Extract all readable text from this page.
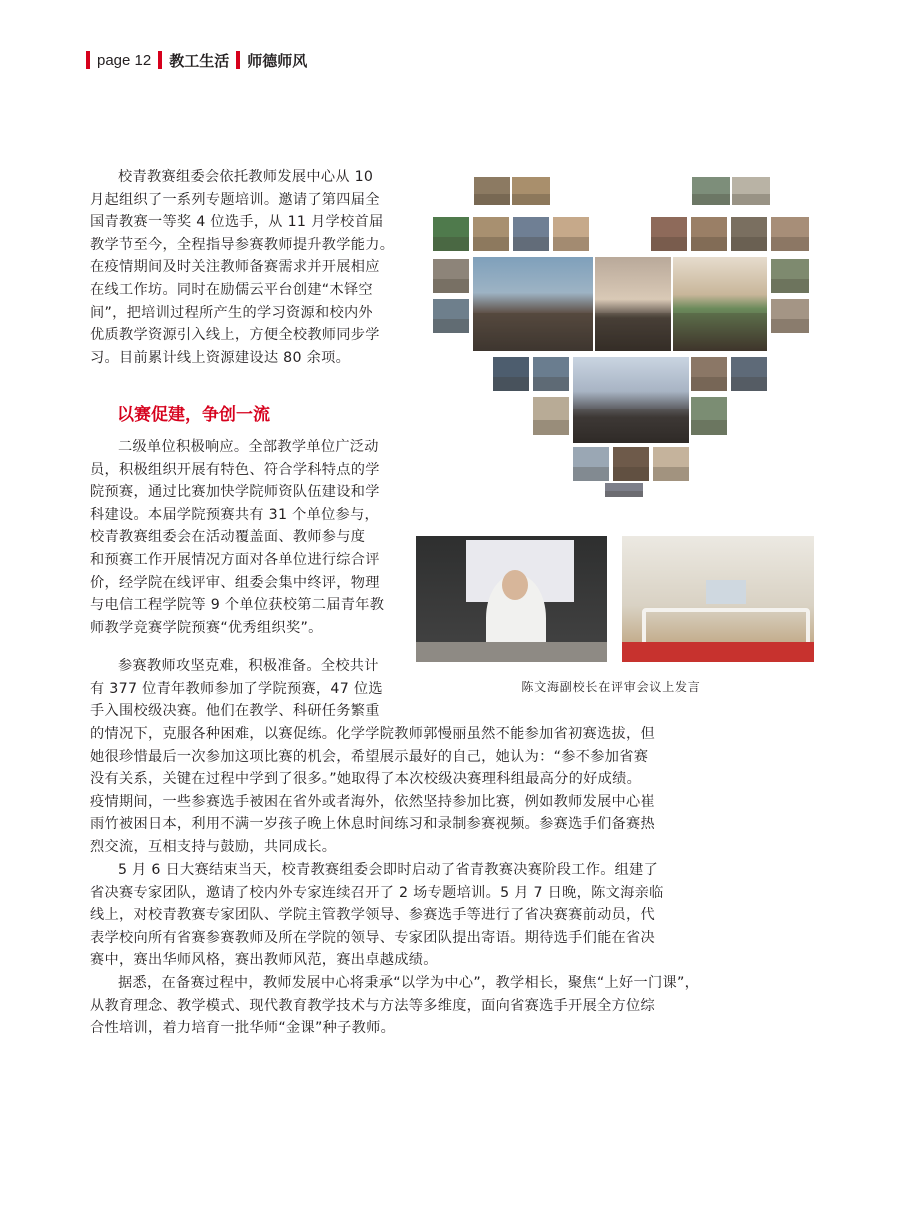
page 12 教工生活 师德师风
校青教赛组委会依托教师发展中心从 10
月起组织了一系列专题培训。邀请了第四届全
国青教赛一等奖 4 位选手，从 11 月学校首届
教学节至今，全程指导参赛教师提升教学能力。
在疫情期间及时关注教师备赛需求并开展相应
在线工作坊。同时在励儒云平台创建“木铎空
间”，把培训过程所产生的学习资源和校内外
优质教学资源引入线上，方便全校教师同步学
习。目前累计线上资源建设达 80 余项。
以赛促建，争创一流
二级单位积极响应。全部教学单位广泛动
员，积极组织开展有特色、符合学科特点的学
院预赛，通过比赛加快学院师资队伍建设和学
科建设。本届学院预赛共有 31 个单位参与，
校青教赛组委会在活动覆盖面、教师参与度
和预赛工作开展情况方面对各单位进行综合评
价，经学院在线评审、组委会集中终评，物理
与电信工程学院等 9 个单位获校第二届青年教
师教学竞赛学院预赛“优秀组织奖”。
参赛教师攻坚克难，积极准备。全校共计
有 377 位青年教师参加了学院预赛，47 位选
手入围校级决赛。他们在教学、科研任务繁重
的情况下，克服各种困难，以赛促练。化学学院教师郭慢丽虽然不能参加省初赛选拔，但
她很珍惜最后一次参加这项比赛的机会，希望展示最好的自己，她认为：“参不参加省赛
没有关系，关键在过程中学到了很多。”她取得了本次校级决赛理科组最高分的好成绩。
疫情期间，一些参赛选手被困在省外或者海外，依然坚持参加比赛，例如教师发展中心崔
雨竹被困日本，利用不满一岁孩子晚上休息时间练习和录制参赛视频。参赛选手们备赛热
烈交流，互相支持与鼓励，共同成长。
5 月 6 日大赛结束当天，校青教赛组委会即时启动了省青教赛决赛阶段工作。组建了
省决赛专家团队，邀请了校内外专家连续召开了 2 场专题培训。5 月 7 日晚，陈文海亲临
线上，对校青教赛专家团队、学院主管教学领导、参赛选手等进行了省决赛赛前动员，代
表学校向所有省赛参赛教师及所在学院的领导、专家团队提出寄语。期待选手们能在省决
赛中，赛出华师风格，赛出教师风范，赛出卓越成绩。
据悉，在备赛过程中，教师发展中心将秉承“以学为中心”，教学相长，聚焦“上好一门课”，
从教育理念、教学模式、现代教育教学技术与方法等多维度，面向省赛选手开展全方位综
合性培训，着力培育一批华师“金课”种子教师。
陈文海副校长在评审会议上发言
